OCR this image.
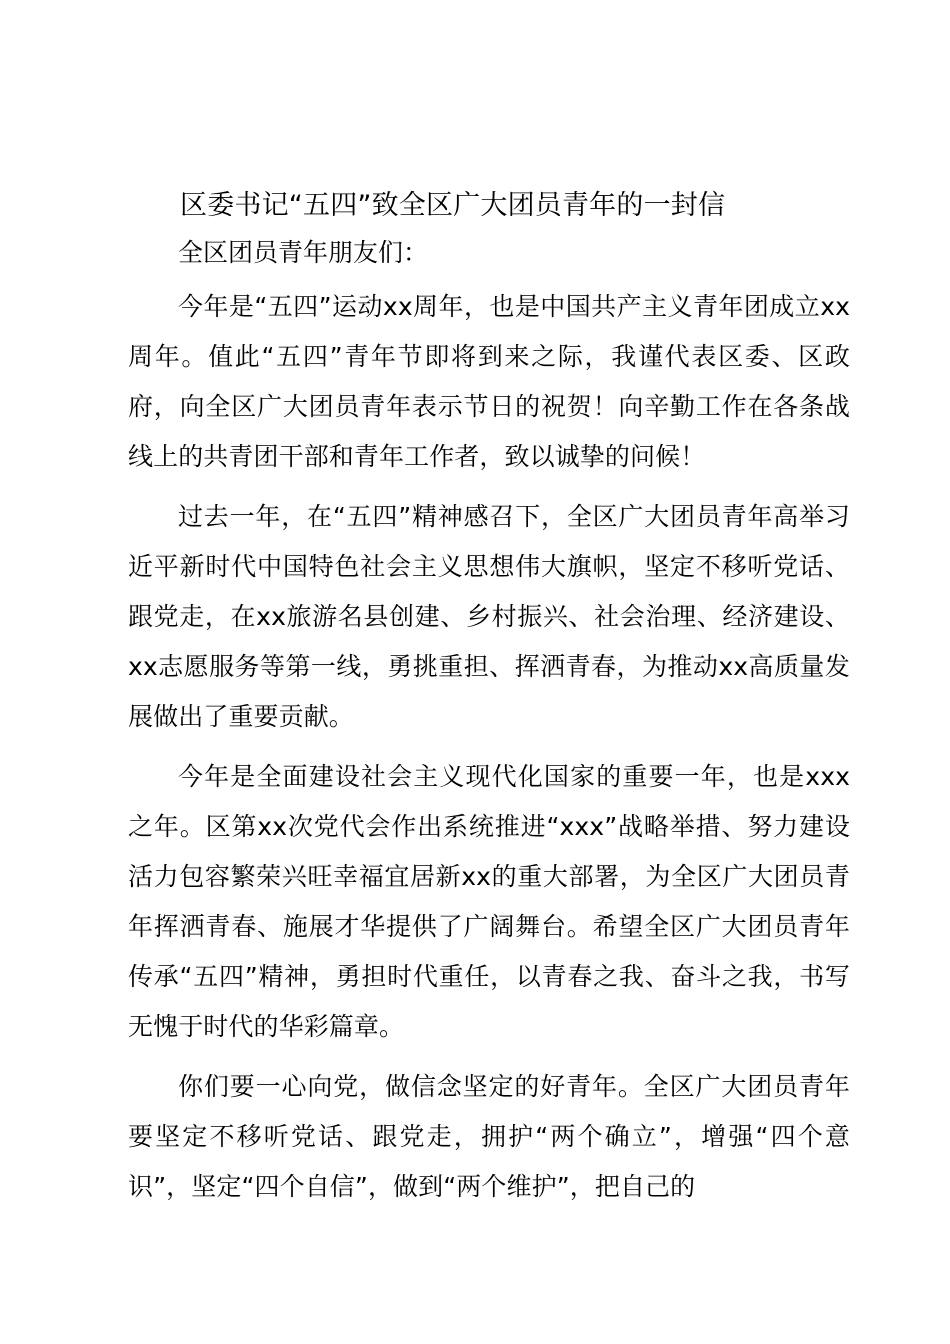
区委书记“五四”致全区广大团员青年的一封信

全区团员青年朋友们：

今年是“五四”运动xx周年，也是中国共产主义青年团成立xx周年。值此“五四”青年节即将到来之际，我谨代表区委、区政府，向全区广大团员青年表示节日的祝贺！向辛勤工作在各条战线上的共青团干部和青年工作者，致以诚挚的问候！

过去一年，在“五四”精神感召下，全区广大团员青年高举习近平新时代中国特色社会主义思想伟大旗帜，坚定不移听党话、跟党走，在xx旅游名县创建、乡村振兴、社会治理、经济建设、xx志愿服务等第一线，勇挑重担、挥洒青春，为推动xx高质量发展做出了重要贡献。

今年是全面建设社会主义现代化国家的重要一年，也是xxx之年。区第xx次党代会作出系统推进“xxx”战略举措、努力建设活力包容繁荣兴旺幸福宜居新xx的重大部署，为全区广大团员青年挥洒青春、施展才华提供了广阔舞台。希望全区广大团员青年传承“五四”精神，勇担时代重任，以青春之我、奋斗之我，书写无愧于时代的华彩篇章。

你们要一心向党，做信念坚定的好青年。全区广大团员青年要坚定不移听党话、跟党走，拥护“两个确立”，增强“四个意识”，坚定“四个自信”，做到“两个维护”，把自己的
